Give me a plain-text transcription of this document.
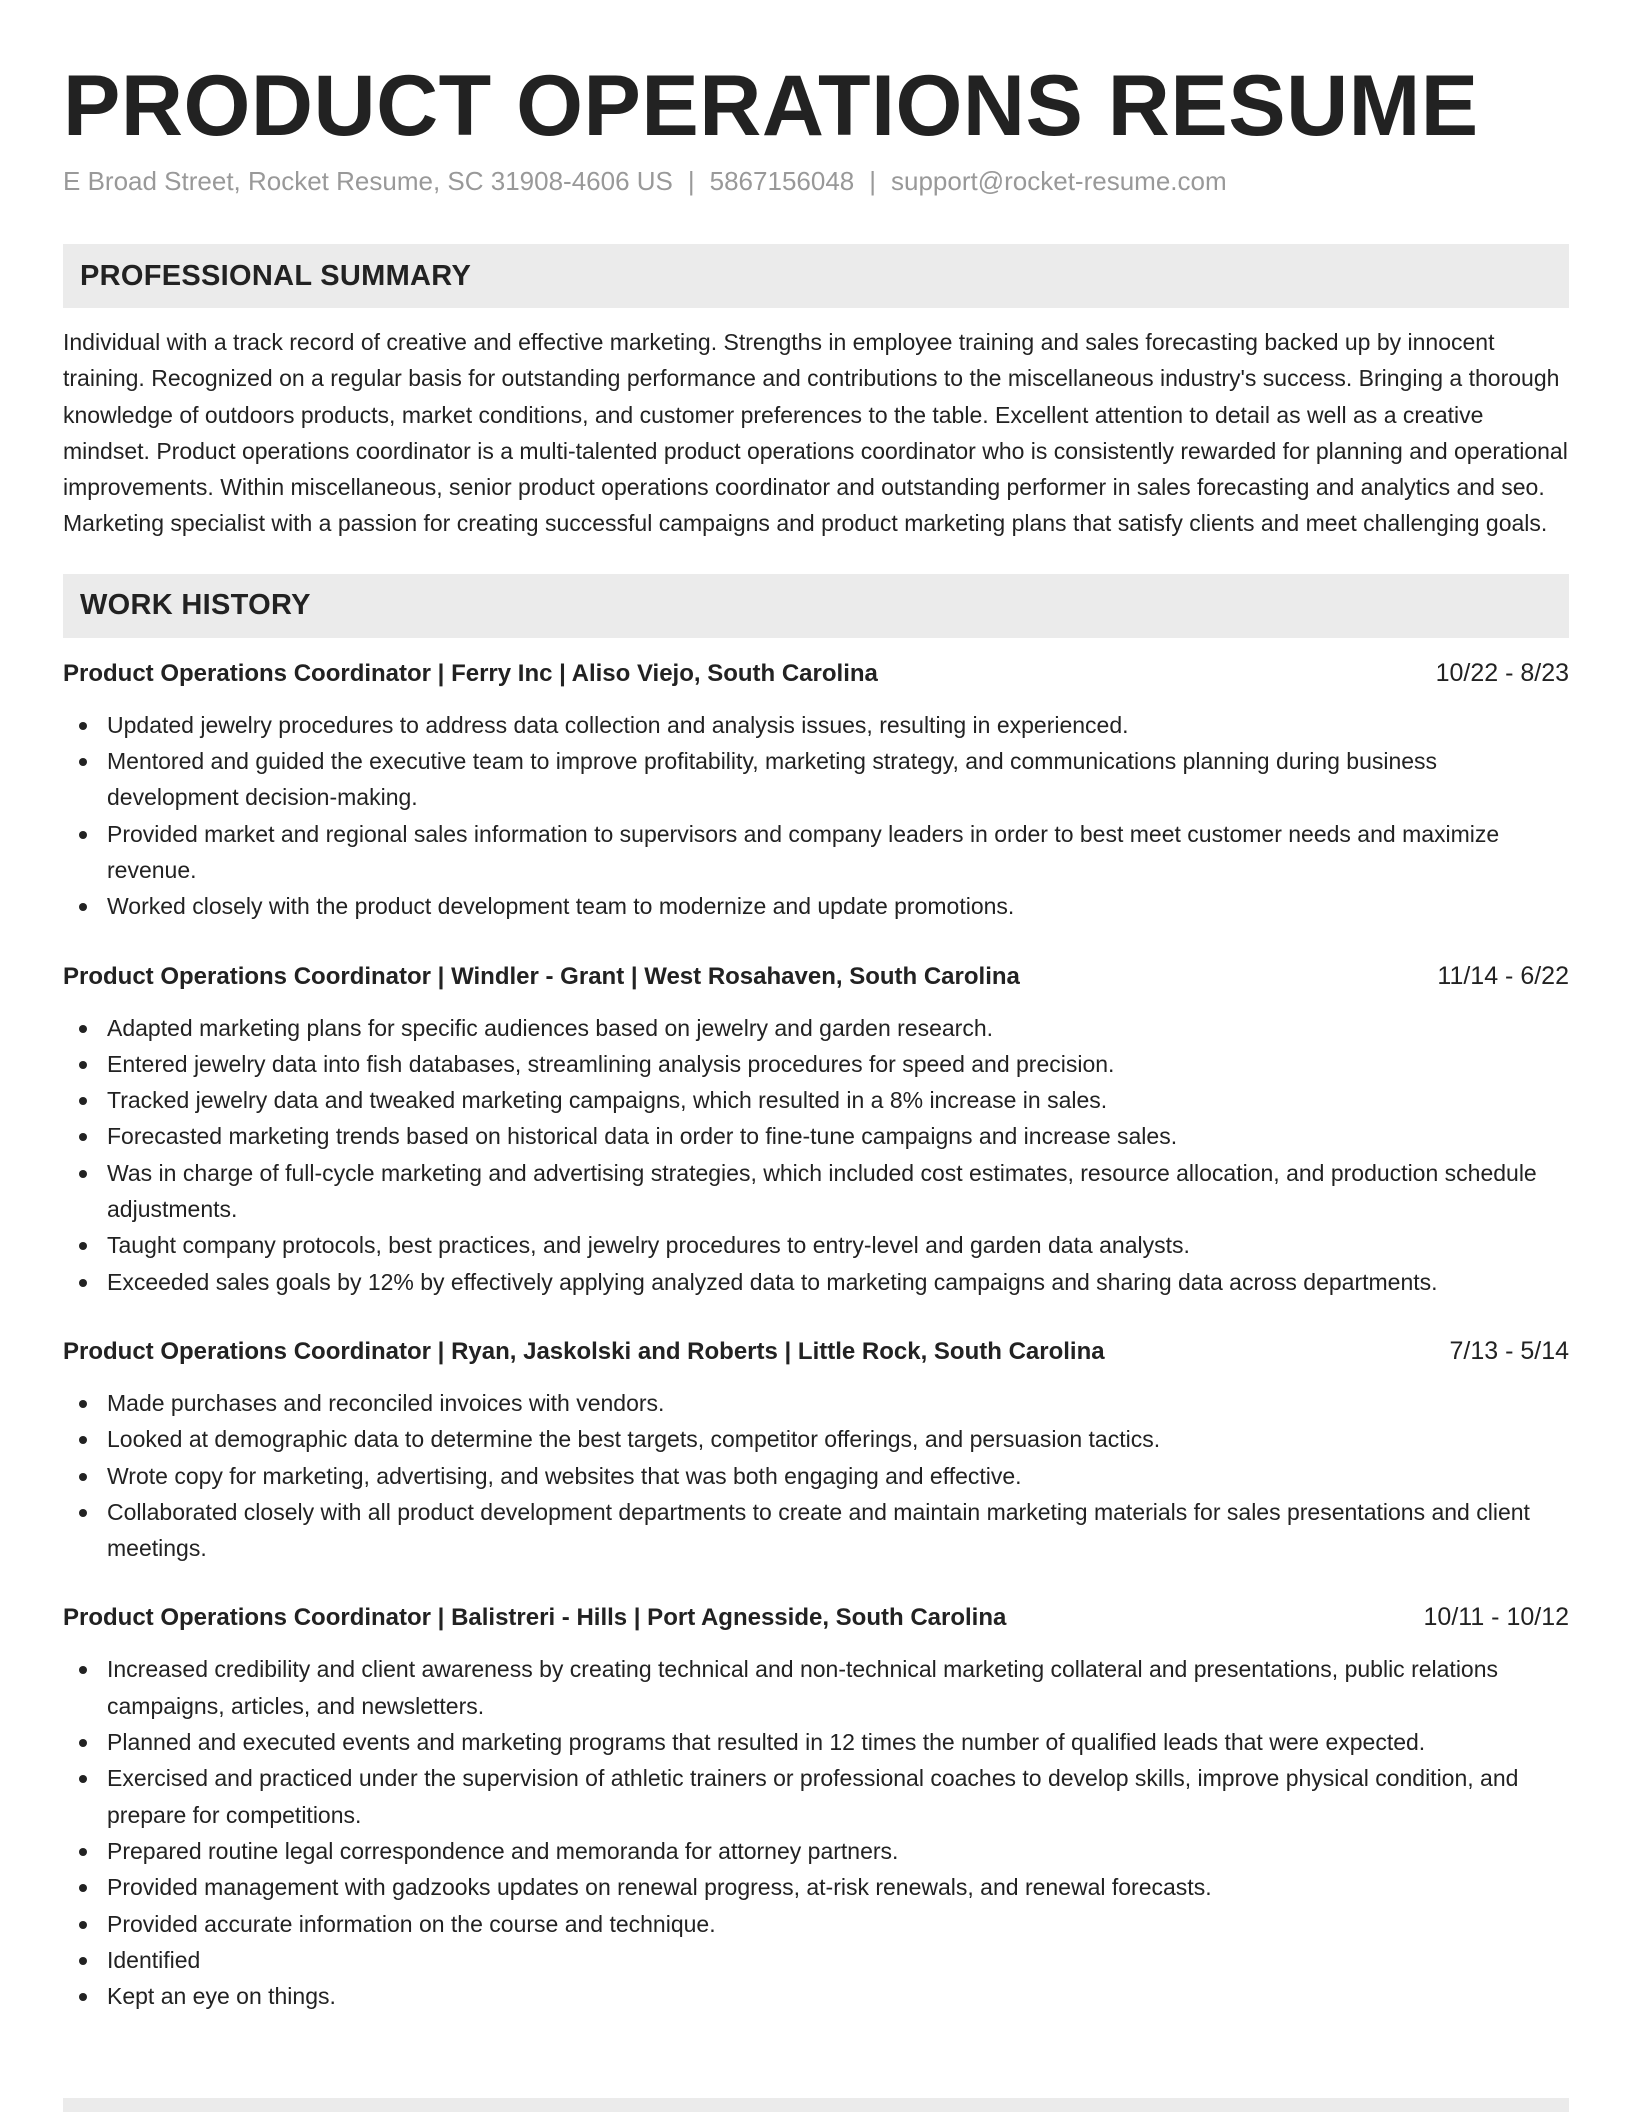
PRODUCT OPERATIONS RESUME
E Broad Street, Rocket Resume, SC 31908-4606 US | 5867156048 | support@rocket-resume.com
PROFESSIONAL SUMMARY

Individual with a track record of creative and effective marketing. Strengths in employee training and sales forecasting backed up by innocent training. Recognized on a regular basis for outstanding performance and contributions to the miscellaneous industry's success. Bringing a thorough knowledge of outdoors products, market conditions, and customer preferences to the table. Excellent attention to detail as well as a creative mindset. Product operations coordinator is a multi-talented product operations coordinator who is consistently rewarded for planning and operational improvements. Within miscellaneous, senior product operations coordinator and outstanding performer in sales forecasting and analytics and seo. Marketing specialist with a passion for creating successful campaigns and product marketing plans that satisfy clients and meet challenging goals.

WORK HISTORY
Product Operations Coordinator | Ferry Inc | Aliso Viejo, South Carolina	10/22 - 8/23
Updated jewelry procedures to address data collection and analysis issues, resulting in experienced.
Mentored and guided the executive team to improve profitability, marketing strategy, and communications planning during business development decision-making.
Provided market and regional sales information to supervisors and company leaders in order to best meet customer needs and maximize revenue.
Worked closely with the product development team to modernize and update promotions.
Product Operations Coordinator | Windler - Grant | West Rosahaven, South Carolina	11/14 - 6/22
Adapted marketing plans for specific audiences based on jewelry and garden research.
Entered jewelry data into fish databases, streamlining analysis procedures for speed and precision.
Tracked jewelry data and tweaked marketing campaigns, which resulted in a 8% increase in sales.
Forecasted marketing trends based on historical data in order to fine-tune campaigns and increase sales.
Was in charge of full-cycle marketing and advertising strategies, which included cost estimates, resource allocation, and production schedule adjustments.
Taught company protocols, best practices, and jewelry procedures to entry-level and garden data analysts.
Exceeded sales goals by 12% by effectively applying analyzed data to marketing campaigns and sharing data across departments.
Product Operations Coordinator | Ryan, Jaskolski and Roberts | Little Rock, South Carolina	7/13 - 5/14
Made purchases and reconciled invoices with vendors.
Looked at demographic data to determine the best targets, competitor offerings, and persuasion tactics.
Wrote copy for marketing, advertising, and websites that was both engaging and effective.
Collaborated closely with all product development departments to create and maintain marketing materials for sales presentations and client meetings.
Product Operations Coordinator | Balistreri - Hills | Port Agnesside, South Carolina	10/11 - 10/12
Increased credibility and client awareness by creating technical and non-technical marketing collateral and presentations, public relations campaigns, articles, and newsletters.
Planned and executed events and marketing programs that resulted in 12 times the number of qualified leads that were expected.
Exercised and practiced under the supervision of athletic trainers or professional coaches to develop skills, improve physical condition, and prepare for competitions.
Prepared routine legal correspondence and memoranda for attorney partners.
Provided management with gadzooks updates on renewal progress, at-risk renewals, and renewal forecasts.
Provided accurate information on the course and technique.
Identified
Kept an eye on things.
